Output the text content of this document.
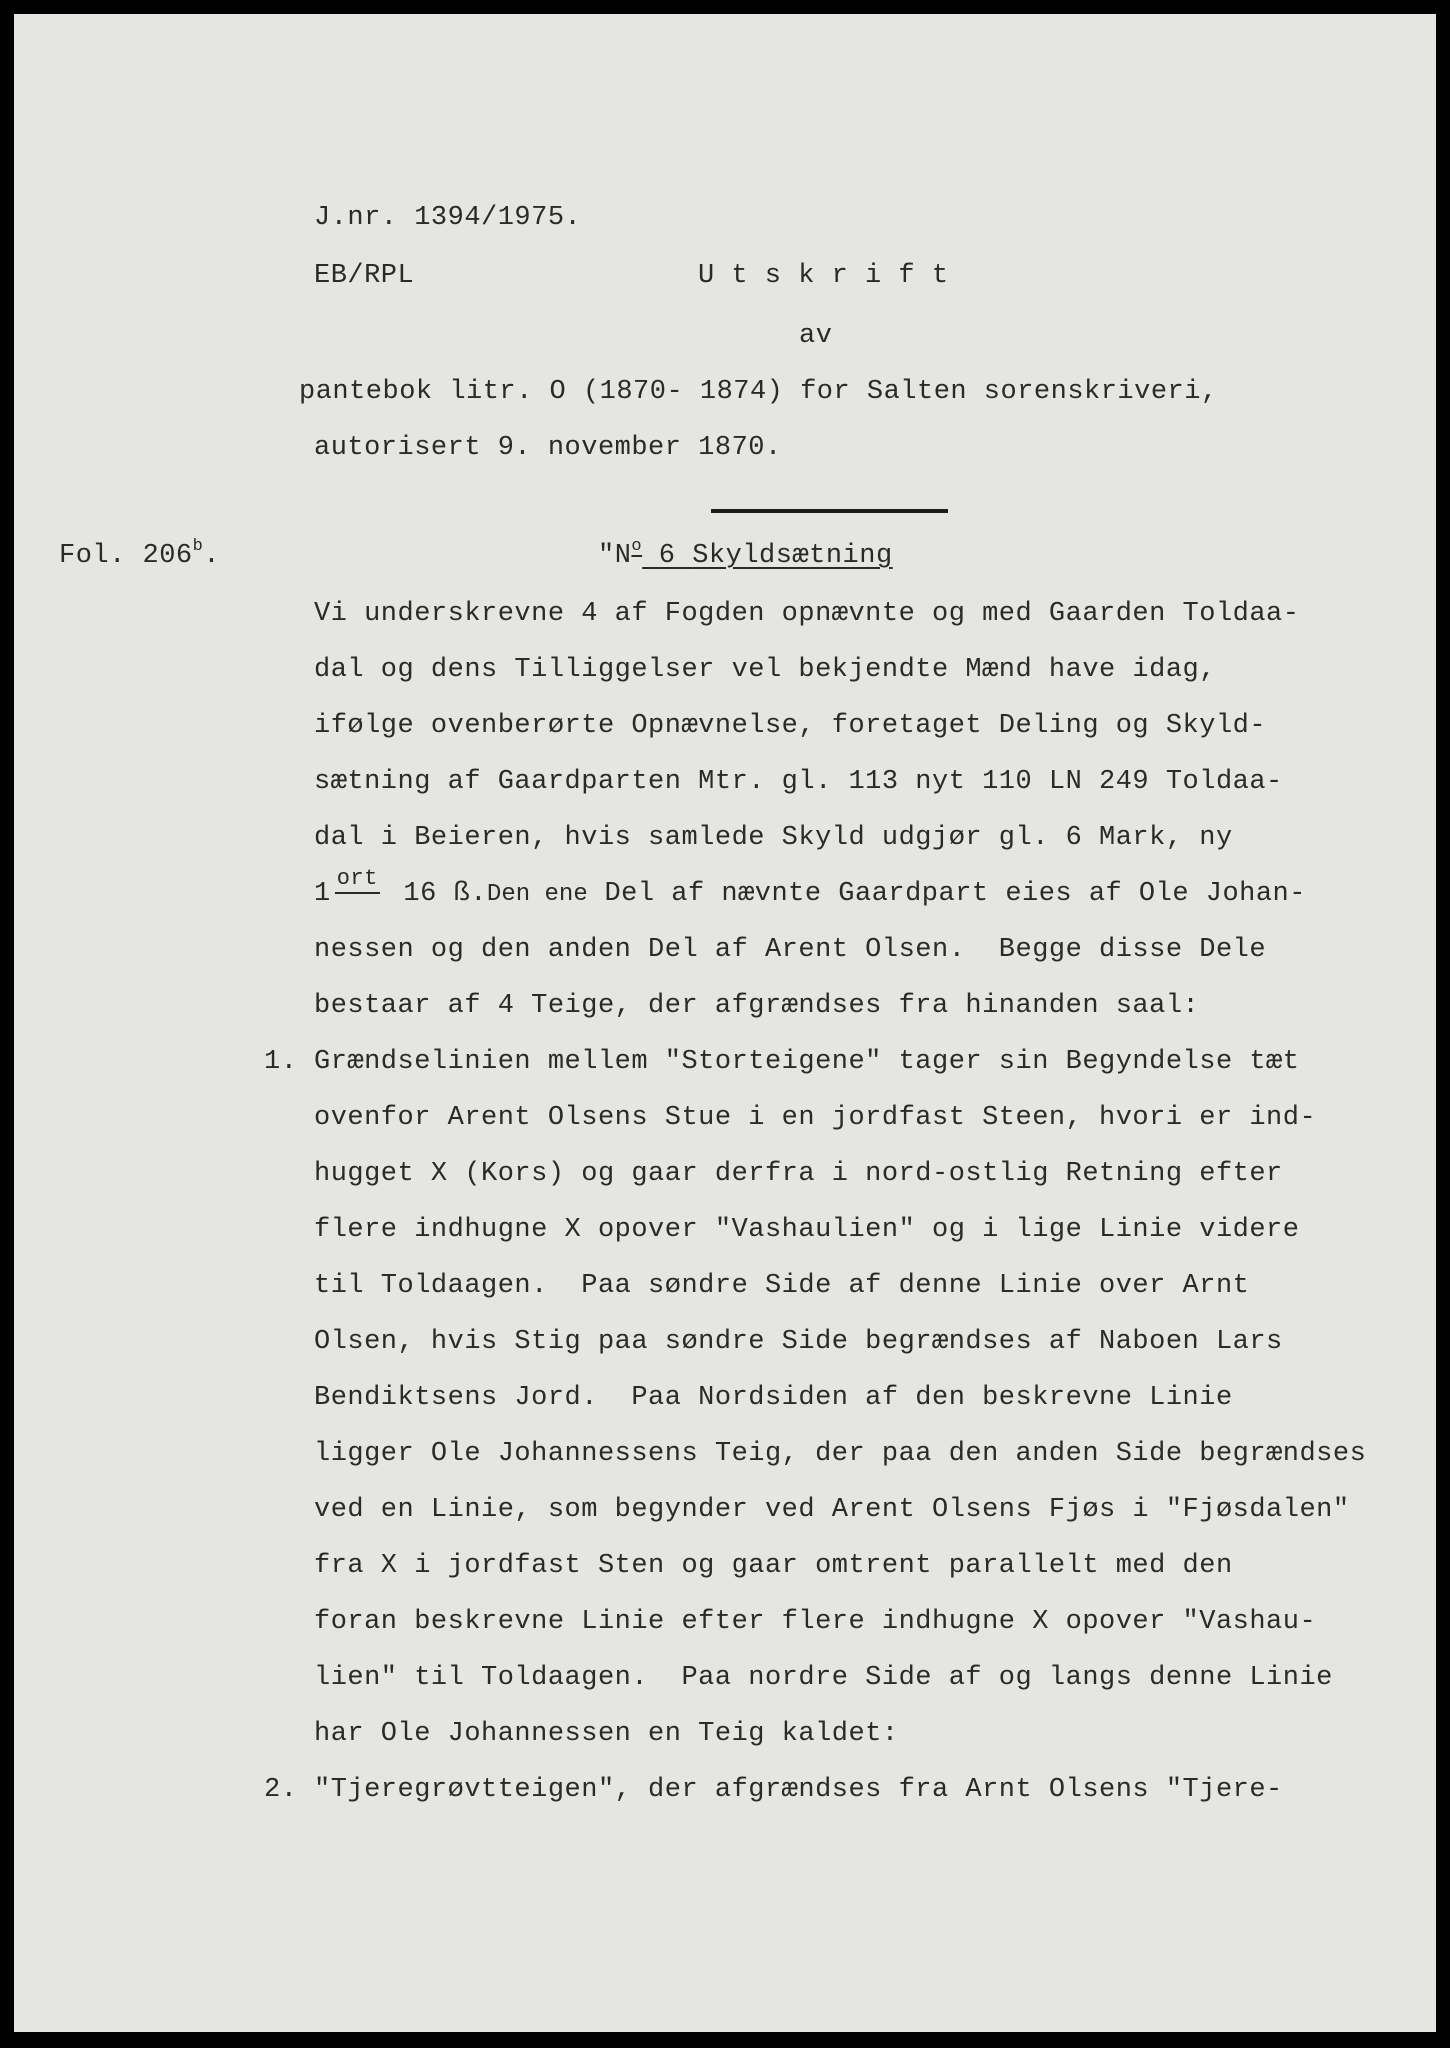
J.nr. 1394/1975.
EB/RPL	U t s k r i f t
av
pantebok litr. O (1870- 1874) for Salten sorenskriveri,
autorisert 9. november 1870.
Fol. 206$^b$.	"$N^o$ 6 Skyldsætning
Vi underskrevne 4 af Fogden opnævnte og med Gaarden Toldaa-
dal og dens Tilliggelser vel bekjendte Mænd have idag,
ifølge ovenberørte Opnævnelse, foretaget Deling og Skyld-
sætning af Gaardparten Mtr. gl. 113 nyt 110 LN 249 Toldaa-
dal i Beieren, hvis samlede Skyld udgjør gl. 6 Mark, ny
1
ort
16 ß.Den ene Del af nævnte Gaardpart eies af Ole Johan-
nessen og den anden Del af Arent Olsen.  Begge disse Dele
bestaar af 4 Teige, der afgrændses fra hinanden saal:
1. Grændselinien mellem "Storteigene" tager sin Begyndelse tæt
ovenfor Arent Olsens Stue i en jordfast Steen, hvori er ind-
hugget X (Kors) og gaar derfra i nord-ostlig Retning efter
flere indhugne X opover "Vashaulien" og i lige Linie videre
til Toldaagen.  Paa søndre Side af denne Linie over Arnt
Olsen, hvis Stig paa søndre Side begrændses af Naboen Lars
Bendiktsens Jord.  Paa Nordsiden af den beskrevne Linie
ligger Ole Johannessens Teig, der paa den anden Side begrændses
ved en Linie, som begynder ved Arent Olsens Fjøs i "Fjøsdalen"
fra X i jordfast Sten og gaar omtrent parallelt med den
foran beskrevne Linie efter flere indhugne X opover "Vashau-
lien" til Toldaagen.  Paa nordre Side af og langs denne Linie
har Ole Johannessen en Teig kaldet:
2. "Tjeregrøvtteigen", der afgrændses fra Arnt Olsens "Tjere-
